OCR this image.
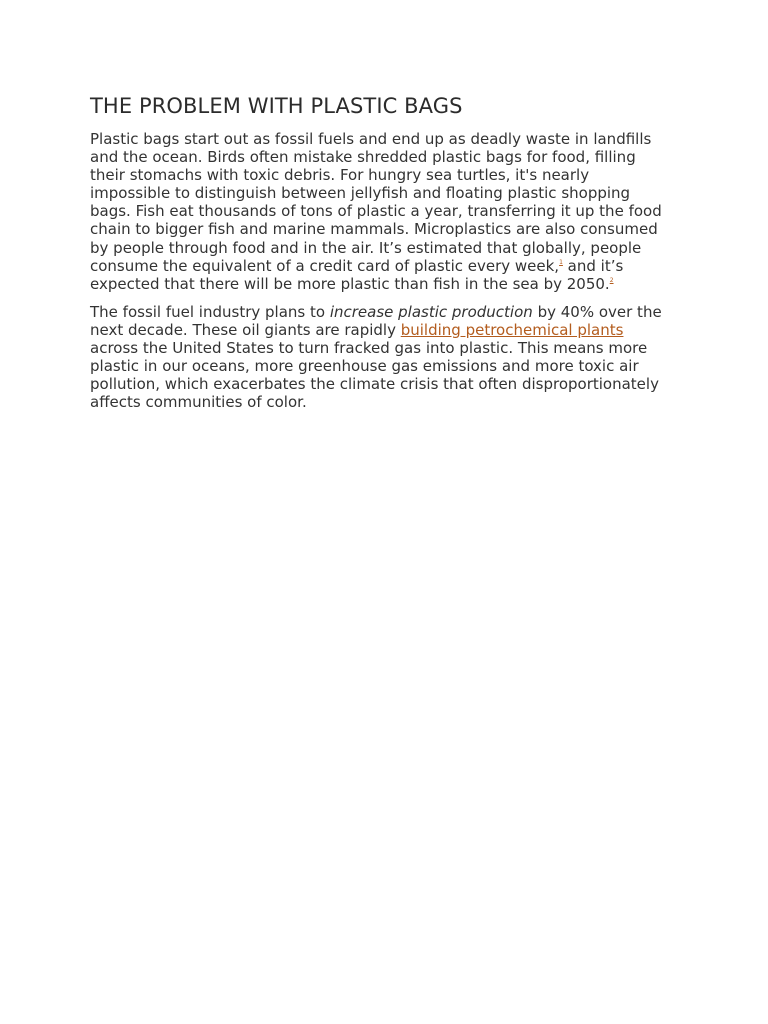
THE PROBLEM WITH PLASTIC BAGS

Plastic bags start out as fossil fuels and end up as deadly waste in landfills and the ocean. Birds often mistake shredded plastic bags for food, filling their stomachs with toxic debris. For hungry sea turtles, it's nearly impossible to distinguish between jellyfish and floating plastic shopping bags. Fish eat thousands of tons of plastic a year, transferring it up the food chain to bigger fish and marine mammals. Microplastics are also consumed by people through food and in the air. It’s estimated that globally, people consume the equivalent of a credit card of plastic every week,$^1$ and it’s expected that there will be more plastic than fish in the sea by 2050.$^2$

The fossil fuel industry plans to increase plastic production by 40% over the next decade. These oil giants are rapidly building petrochemical plants across the United States to turn fracked gas into plastic. This means more plastic in our oceans, more greenhouse gas emissions and more toxic air pollution, which exacerbates the climate crisis that often disproportionately affects communities of color.
